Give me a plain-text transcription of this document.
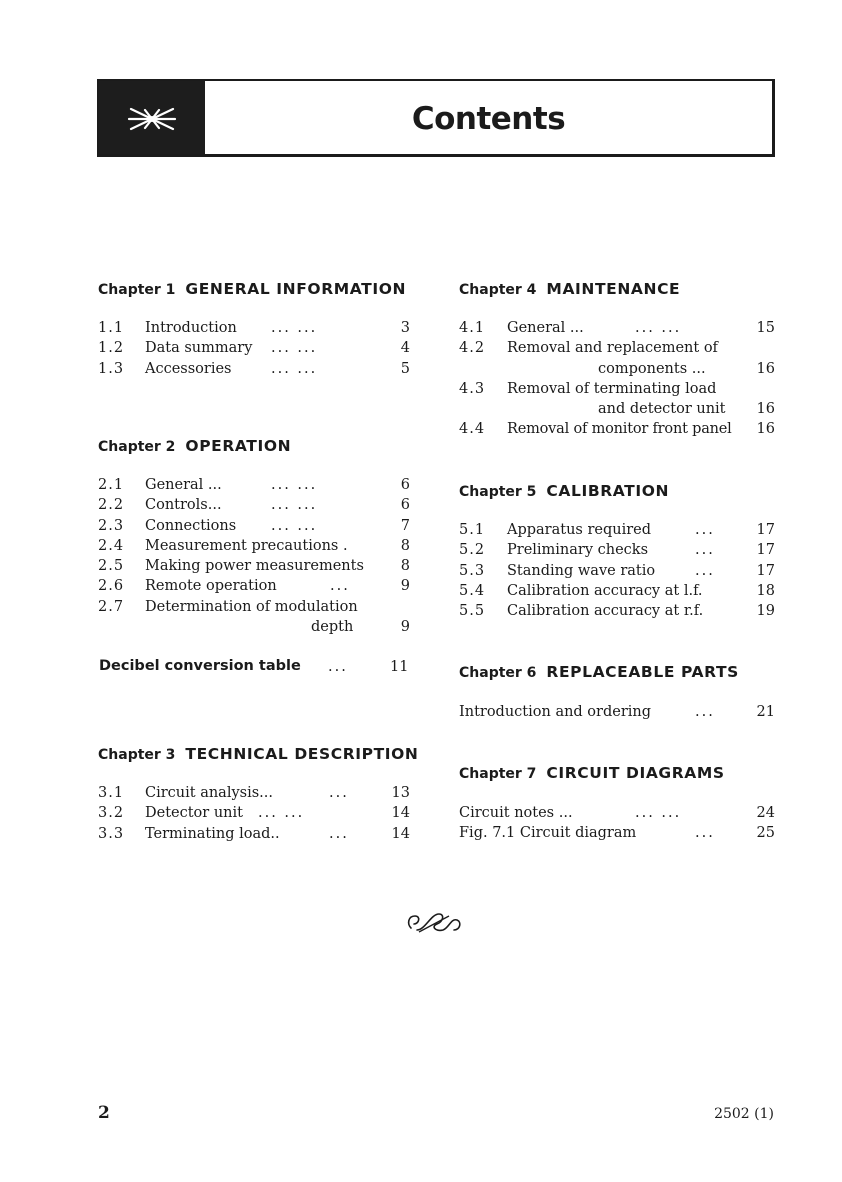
Contents
Chapter 1 GENERAL INFORMATION
1.1 Introduction ... ...	3
1.2 Data summary ... ...	4
1.3 Accessories	... ...	5
Chapter 2 OPERATION
2.1 General ...	... ...	6
2.2 Controls...	... ...	6
2.3 Connections ... ...	7
2.4 Measurement precautions .	8
2.5 Making power measurements	8
2.6 Remote operation	...	9
2.7 Determination of modulation
depth	9
Decibel conversion table ...	11
Chapter 3 TECHNICAL DESCRIPTION
3.1 Circuit analysis...	...	13
3.2 Detector unit ... ...	14
3.3 Terminating load..	...	14
Chapter 4 MAINTENANCE
4.1 General ...	... ...	15
4.2 Removal and replacement of
components ...	16
4.3 Removal of terminating load
and detector unit 16
4.4 Removal of monitor front panel 16
Chapter 5 CALIBRATION
5.1 Apparatus required	...	17
5.2 Preliminary checks	...	17
5.3 Standing wave ratio	...	17
5.4 Calibration accuracy at l.f.	18
5.5 Calibration accuracy at r.f.	19
Chapter 6 REPLACEABLE PARTS
Introduction and ordering	...	21
Chapter 7 CIRCUIT DIAGRAMS
Circuit notes ...	... ...	24
Fig. 7.1 Circuit diagram	...	25
2	2502 (1)
